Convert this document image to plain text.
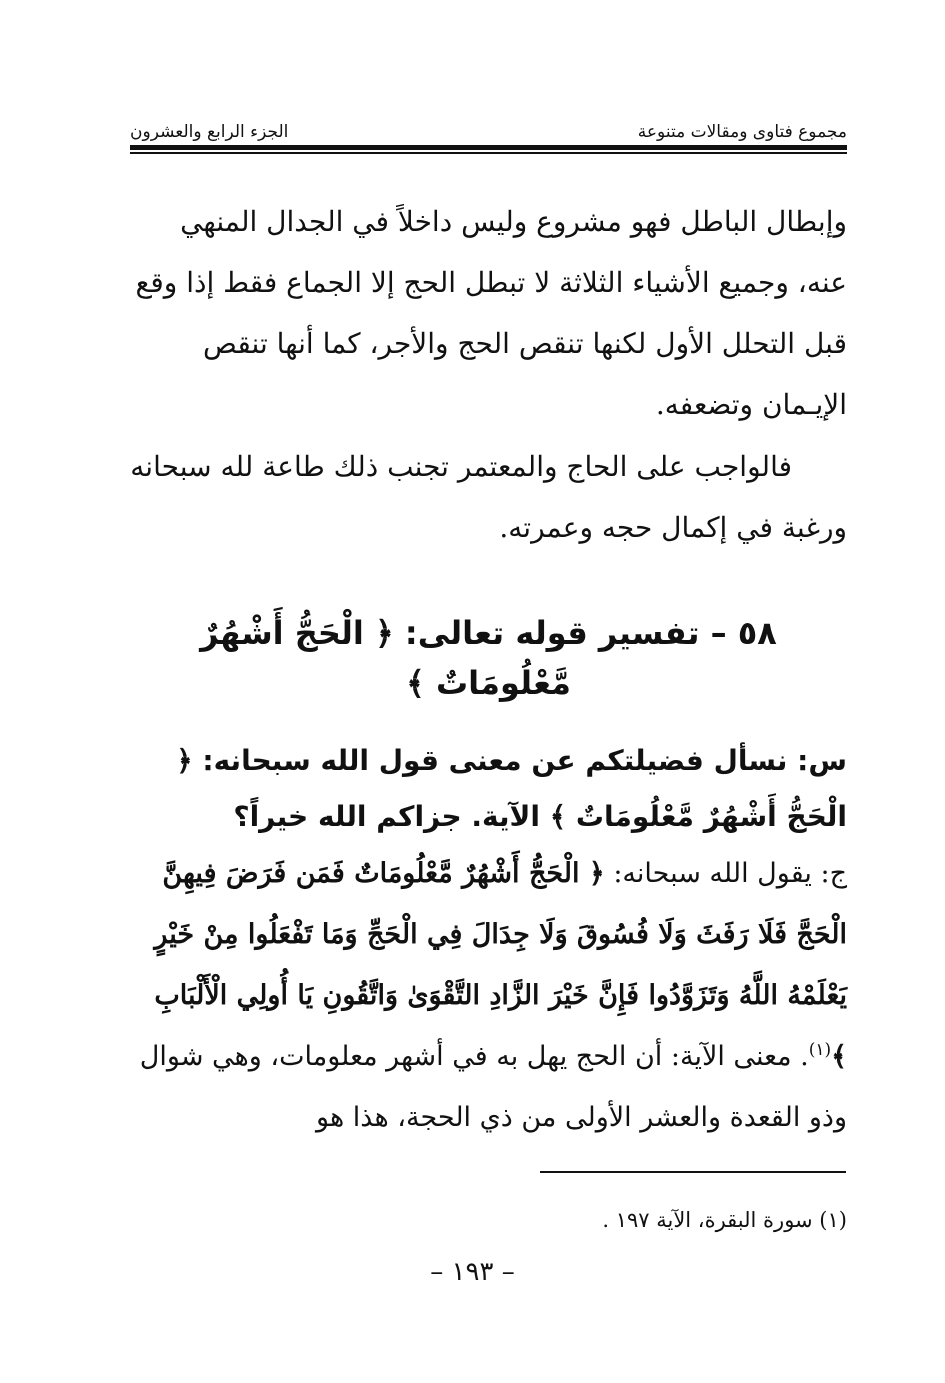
مجموع فتاوى ومقالات متنوعة
الجزء الرابع والعشرون

وإبطال الباطل فهو مشروع وليس داخلاً في الجدال المنهي عنه، وجميع الأشياء الثلاثة لا تبطل الحج إلا الجماع فقط إذا وقع قبل التحلل الأول لكنها تنقص الحج والأجر، كما أنها تنقص الإيـمان وتضعفه.

فالواجب على الحاج والمعتمر تجنب ذلك طاعة لله سبحانه ورغبة في إكمال حجه وعمرته.

٥٨ – تفسير قوله تعالى: ﴿ الْحَجُّ أَشْهُرٌ مَّعْلُومَاتٌ ﴾

س: نسأل فضيلتكم عن معنى قول الله سبحانه: ﴿ الْحَجُّ أَشْهُرٌ مَّعْلُومَاتٌ ﴾ الآية. جزاكم الله خيراً؟

ج: يقول الله سبحانه: ﴿ الْحَجُّ أَشْهُرٌ مَّعْلُومَاتٌ فَمَن فَرَضَ فِيهِنَّ الْحَجَّ فَلَا رَفَثَ وَلَا فُسُوقَ وَلَا جِدَالَ فِي الْحَجِّ وَمَا تَفْعَلُوا مِنْ خَيْرٍ يَعْلَمْهُ اللَّهُ وَتَزَوَّدُوا فَإِنَّ خَيْرَ الزَّادِ التَّقْوَىٰ وَاتَّقُونِ يَا أُولِي الْأَلْبَابِ ﴾$^{(١)}$. معنى الآية: أن الحج يهل به في أشهر معلومات، وهي شوال وذو القعدة والعشر الأولى من ذي الحجة، هذا هو

(١) سورة البقرة، الآية ١٩٧ .

– ١٩٣ –
